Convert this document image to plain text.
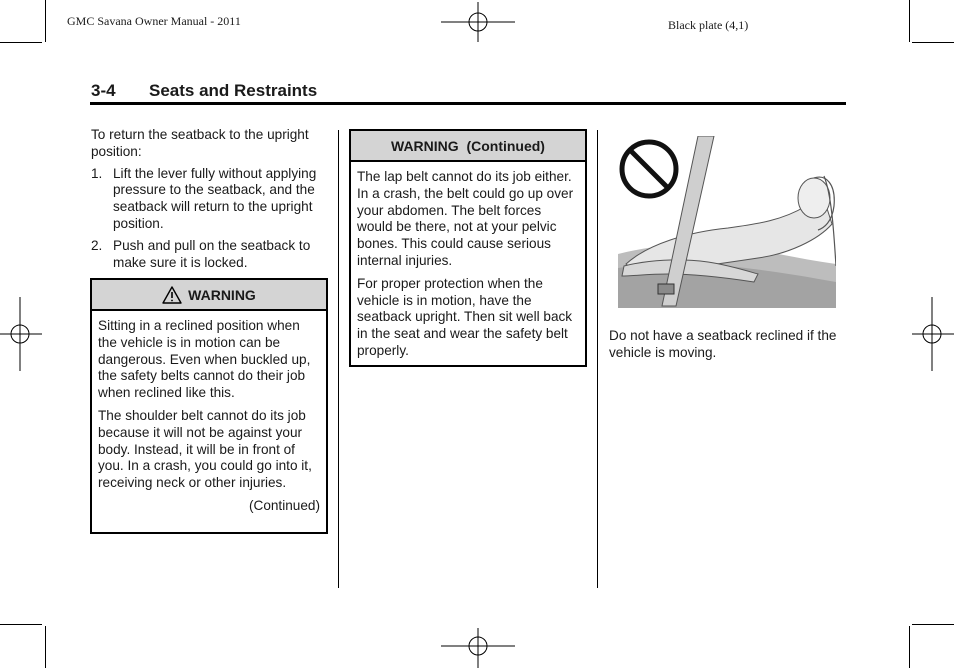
GMC Savana Owner Manual - 2011	Black plate (4,1)
3-4 Seats and Restraints

To return the seatback to the upright position:

1. Lift the lever fully without applying pressure to the seatback, and the seatback will return to the upright position.
2. Push and pull on the seatback to make sure it is locked.
WARNING

Sitting in a reclined position when the vehicle is in motion can be dangerous. Even when buckled up, the safety belts cannot do their job when reclined like this.

The shoulder belt cannot do its job because it will not be against your body. Instead, it will be in front of you. In a crash, you could go into it, receiving neck or other injuries.

(Continued)
WARNING  (Continued)

The lap belt cannot do its job either. In a crash, the belt could go up over your abdomen. The belt forces would be there, not at your pelvic bones. This could cause serious internal injuries.

For proper protection when the vehicle is in motion, have the seatback upright. Then sit well back in the seat and wear the safety belt properly.

Do not have a seatback reclined if the vehicle is moving.
